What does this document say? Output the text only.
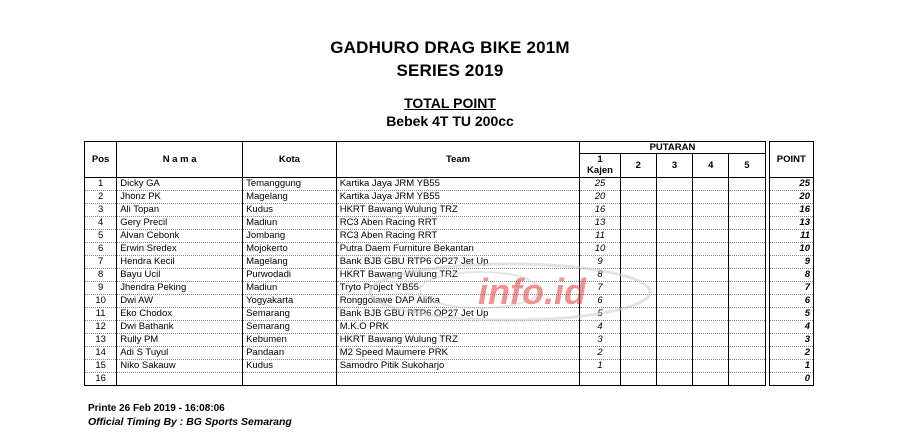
GADHURO DRAG BIKE 201M
SERIES 2019
TOTAL POINT
Bebek 4T TU 200cc
Pos	N a m a	Kota	Team	PUTARAN						POINT
				1	2	3	4	5		
				Kajen						
1	Dicky GA	Temanggung	Kartika Jaya JRM YB55	25						25
2	Jhonz PK	Magelang	Kartika Jaya JRM YB55	20						20
3	Ali Topan	Kudus	HKRT Bawang Wulung TRZ	16						16
4	Gery Precil	Madiun	RC3 Aben Racing RRT	13						13
5	Alvan Cebonk	Jombang	RC3 Aben Racing RRT	11						11
6	Erwin Sredex	Mojokerto	Putra Daem Furniture Bekantan	10						10
7	Hendra Kecil	Magelang	Bank BJB GBU RTP6 OP27 Jet Up	9						9
8	Bayu Ucil	Purwodadi	HKRT Bawang Wulung TRZ	8						8
9	Jhendra Peking	Madiun	Tryto Project YB55	7						7
10	Dwi AW	Yogyakarta	Ronggolawe DAP Alifka	6						6
11	Eko Chodox	Semarang	Bank BJB GBU RTP6 OP27 Jet Up	5						5
12	Dwi Bathank	Semarang	M.K.O PRK	4						4
13	Rully PM	Kebumen	HKRT Bawang Wulung TRZ	3						3
14	Adi S Tuyul	Pandaan	M2 Speed Maumere PRK	2						2
15	Niko Sakauw	Kudus	Samodro Pitik Sukoharjo	1						1
16										0
info.id
Printe 26 Feb 2019 - 16:08:06
Official Timing By : BG Sports Semarang
